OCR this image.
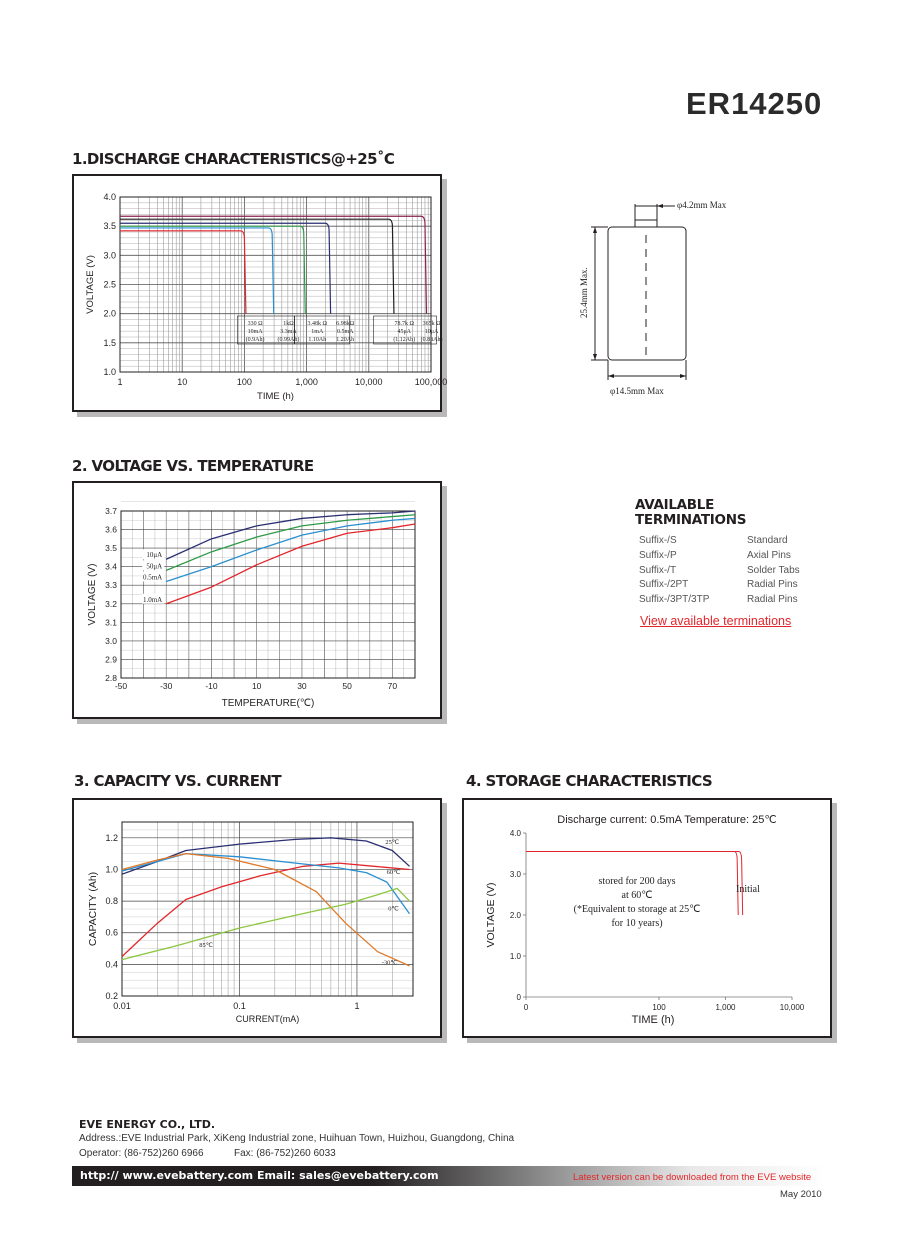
ER14250
1.DISCHARGE CHARACTERISTICS@+25˚C
1.0
1.5
2.0
2.5
3.0
3.5
4.0
1	10	100	1,000	10,000	100,000
TIME (h)
VOLTAGE (V)
330 Ω
10mA
(0.9Ah)
1kΩ
3.3mA
(0.99Ah)
3.48k Ω
1mA
1.10Ah
6.98kΩ
0.5mA
1.20Ah
78.7k Ω
45μA
(1.12Ah)
365k Ω
10μA
(0.88Ah)
φ4.2mm Max
25.4mm Max.
φ14.5mm Max
2. VOLTAGE VS. TEMPERATURE
2.8
2.9
3.0
3.1
3.2
3.3
3.4
3.5
3.6
3.7
-50	-30	-10	10	30	50	70
TEMPERATURE(℃)
VOLTAGE (V)
10μA
50μA
0.5mA
1.0mA
AVAILABLE
TERMINATIONS
Suffix-/S	Standard
Suffix-/P	Axial Pins
Suffix-/T	Solder Tabs
Suffix-/2PT	Radial Pins
Suffix-/3PT/3TP	Radial Pins
View available terminations
3. CAPACITY VS. CURRENT
0.2
0.4
0.6
0.8
1.0
1.2
0.01	0.1	1
CURRENT(mA)
CAPACITY (Ah)
25℃
60℃
0℃
-30℃
85℃
4. STORAGE CHARACTERISTICS
Discharge current: 0.5mA Temperature: 25℃
0
1.0
2.0
3.0
4.0
0	100	1,000	10,000
TIME (h)
VOLTAGE (V)
stored for 200 days
at 60℃
(*Equivalent to storage at 25℃
for 10 years)
Initial
EVE ENERGY CO., LTD.
Address.:EVE Industrial Park, XiKeng Industrial zone, Huihuan Town, Huizhou, Guangdong, China
Operator: (86-752)260 6966	Fax: (86-752)260 6033
http:// www.evebattery.com Email: sales@evebattery.com	Latest version can be downloaded from the EVE website
May 2010
